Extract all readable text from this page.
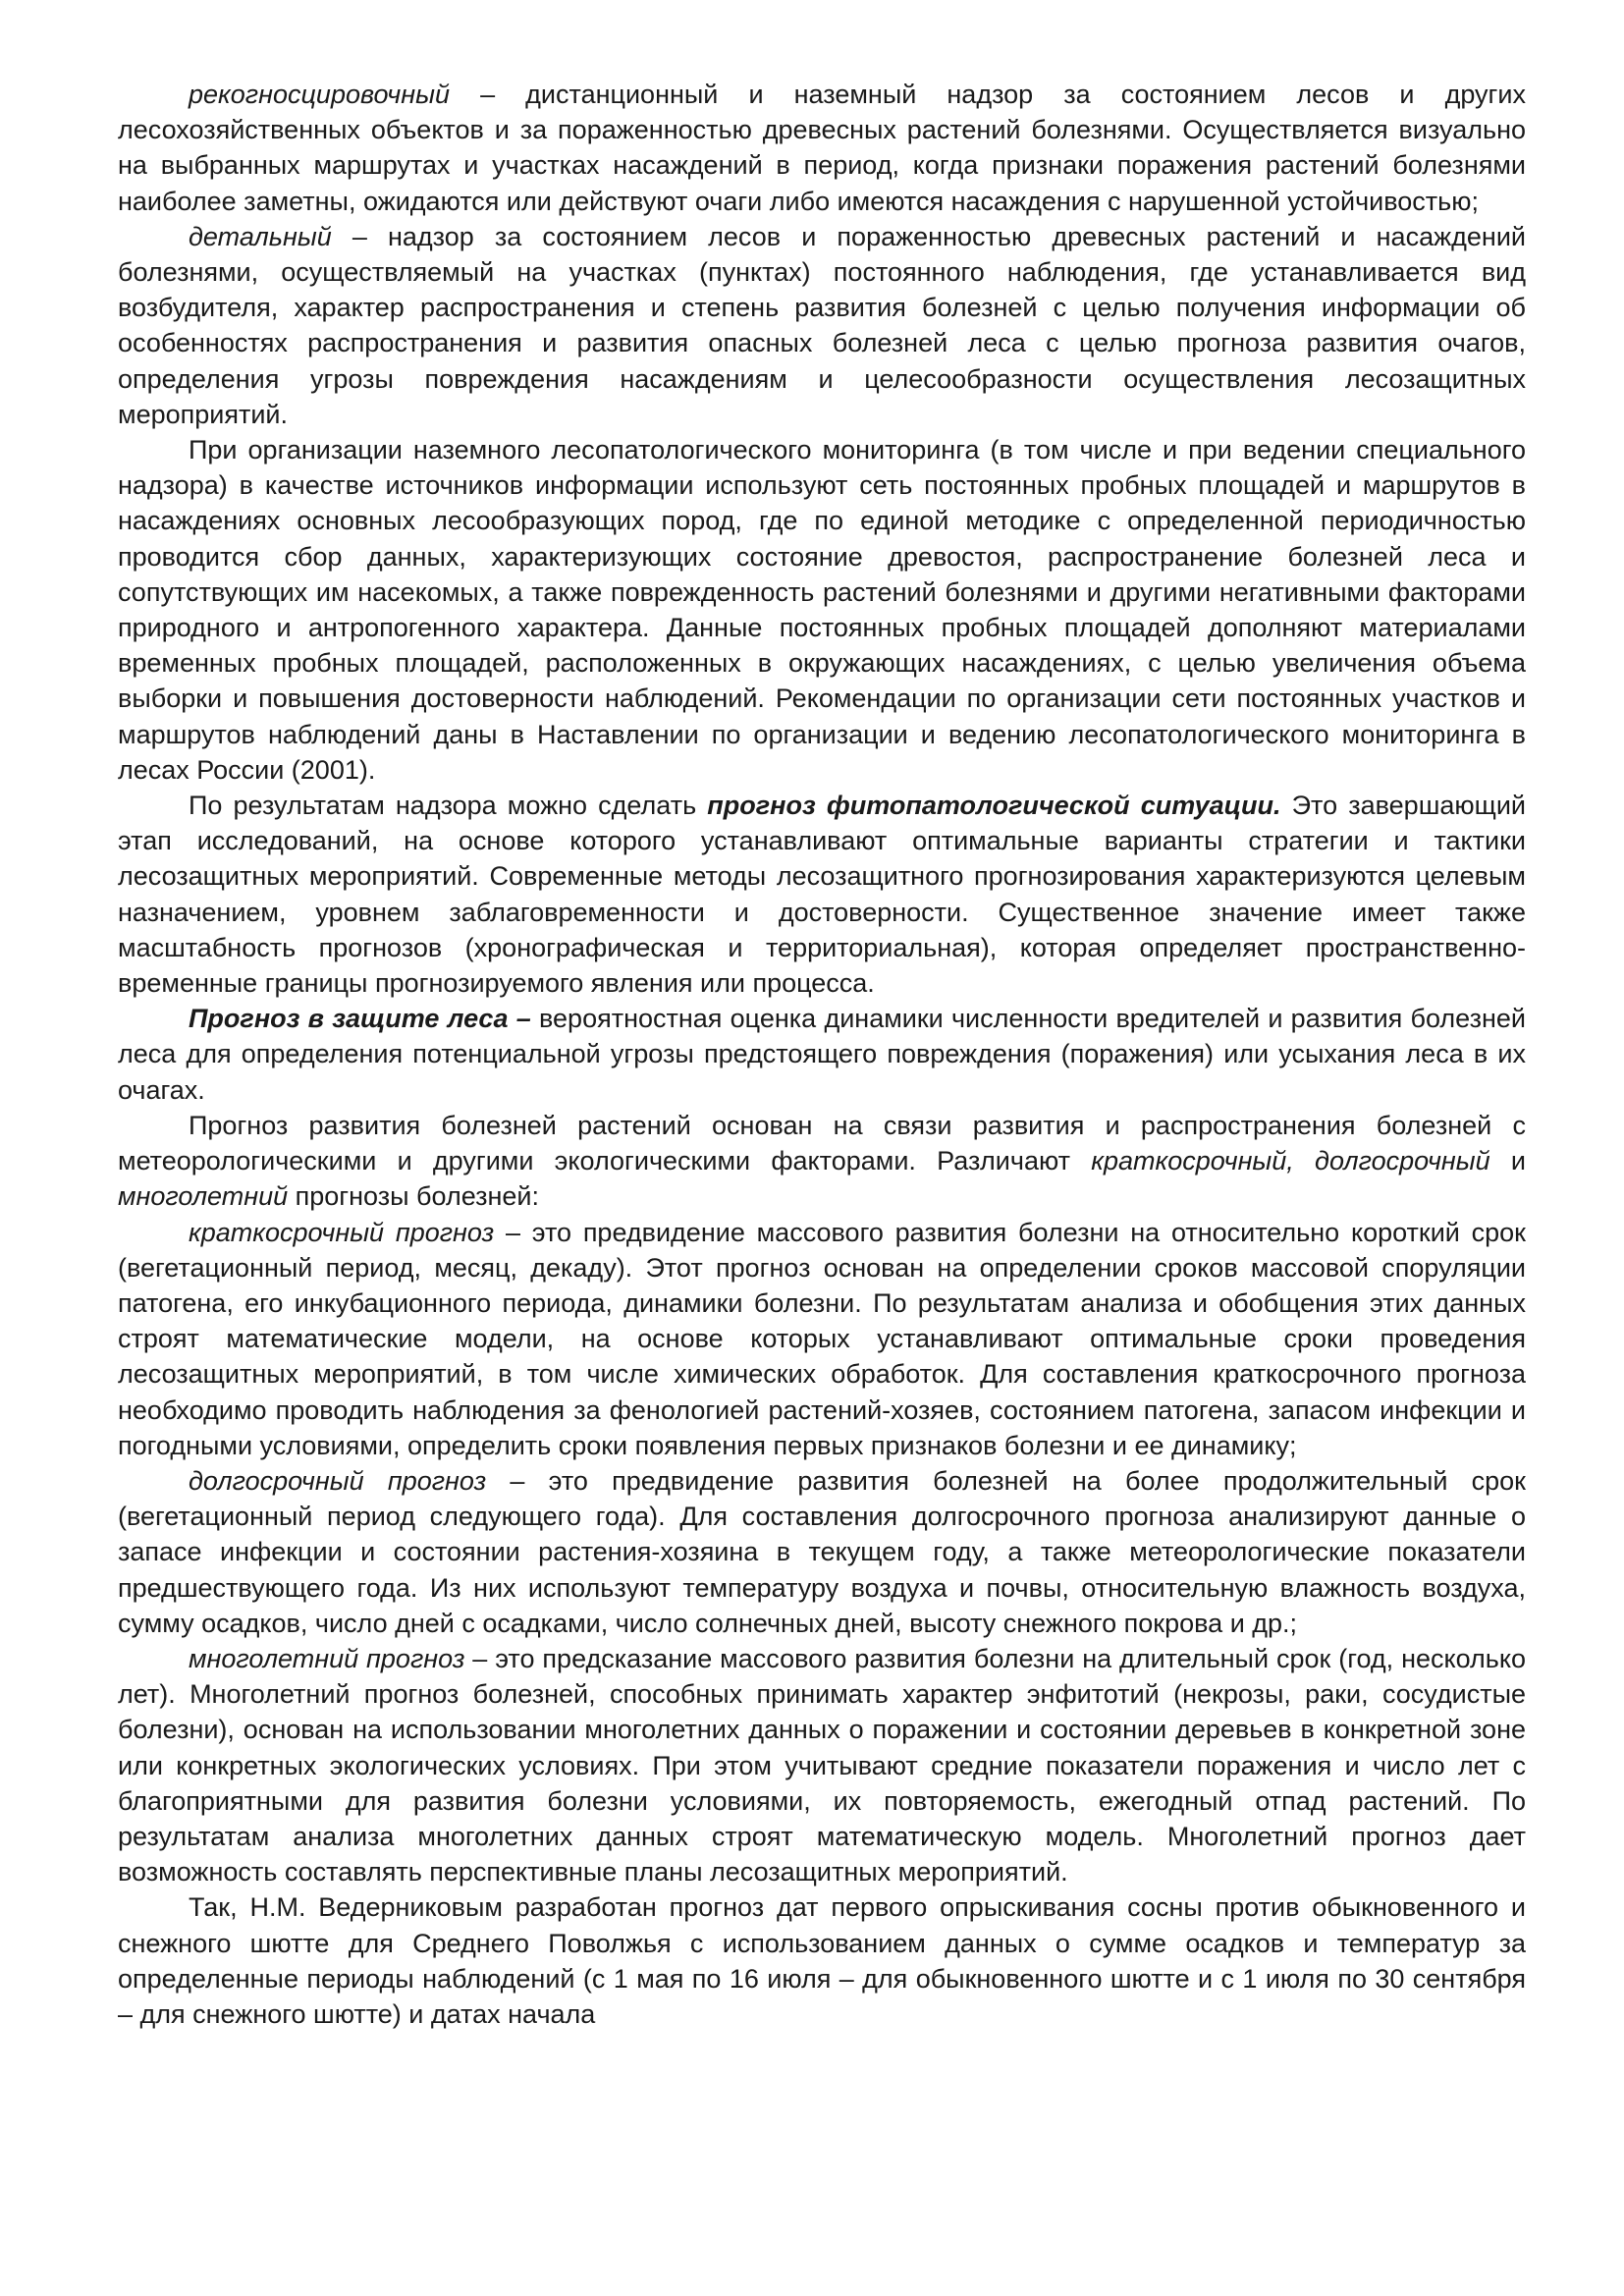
рекогносцировочный – дистанционный и наземный надзор за состоянием лесов и других лесохозяйственных объектов и за пораженностью древесных растений болезнями. Осуществляется визуально на выбранных маршрутах и участках насаждений в период, когда признаки поражения растений болезнями наиболее заметны, ожидаются или действуют очаги либо имеются насаждения с нарушенной устойчивостью;

детальный – надзор за состоянием лесов и пораженностью древесных растений и насаждений болезнями, осуществляемый на участках (пунктах) постоянного наблюдения, где устанавливается вид возбудителя, характер распространения и степень развития болезней с целью получения информации об особенностях распространения и развития опасных болезней леса с целью прогноза развития очагов, определения угрозы повреждения насаждениям и целесообразности осуществления лесозащитных мероприятий.

При организации наземного лесопатологического мониторинга (в том числе и при ведении специального надзора) в качестве источников информации используют сеть постоянных пробных площадей и маршрутов в насаждениях основных лесообразующих пород, где по единой методике с определенной периодичностью проводится сбор данных, характеризующих состояние древостоя, распространение болезней леса и сопутствующих им насекомых, а также поврежденность растений болезнями и другими негативными факторами природного и антропогенного характера. Данные постоянных пробных площадей дополняют материалами временных пробных площадей, расположенных в окружающих насаждениях, с целью увеличения объема выборки и повышения достоверности наблюдений. Рекомендации по организации сети постоянных участков и маршрутов наблюдений даны в Наставлении по организации и ведению лесопатологического мониторинга в лесах России (2001).

По результатам надзора можно сделать прогноз фитопатологической ситуации. Это завершающий этап исследований, на основе которого устанавливают оптимальные варианты стратегии и тактики лесозащитных мероприятий. Современные методы лесозащитного прогнозирования характеризуются целевым назначением, уровнем заблаговременности и достоверности. Существенное значение имеет также масштабность прогнозов (хронографическая и территориальная), которая определяет пространственно-временные границы прогнозируемого явления или процесса.

Прогноз в защите леса – вероятностная оценка динамики численности вредителей и развития болезней леса для определения потенциальной угрозы предстоящего повреждения (поражения) или усыхания леса в их очагах.

Прогноз развития болезней растений основан на связи развития и распространения болезней с метеорологическими и другими экологическими факторами. Различают краткосрочный, долгосрочный и многолетний прогнозы болезней:

краткосрочный прогноз – это предвидение массового развития болезни на относительно короткий срок (вегетационный период, месяц, декаду). Этот прогноз основан на определении сроков массовой споруляции патогена, его инкубационного периода, динамики болезни. По результатам анализа и обобщения этих данных строят математические модели, на основе которых устанавливают оптимальные сроки проведения лесозащитных мероприятий, в том числе химических обработок. Для составления краткосрочного прогноза необходимо проводить наблюдения за фенологией растений-хозяев, состоянием патогена, запасом инфекции и погодными условиями, определить сроки появления первых признаков болезни и ее динамику;

долгосрочный прогноз – это предвидение развития болезней на более продолжительный срок (вегетационный период следующего года). Для составления долгосрочного прогноза анализируют данные о запасе инфекции и состоянии растения-хозяина в текущем году, а также метеорологические показатели предшествующего года. Из них используют температуру воздуха и почвы, относительную влажность воздуха, сумму осадков, число дней с осадками, число солнечных дней, высоту снежного покрова и др.;

многолетний прогноз – это предсказание массового развития болезни на длительный срок (год, несколько лет). Многолетний прогноз болезней, способных принимать характер энфитотий (некрозы, раки, сосудистые болезни), основан на использовании многолетних данных о поражении и состоянии деревьев в конкретной зоне или конкретных экологических условиях. При этом учитывают средние показатели поражения и число лет с благоприятными для развития болезни условиями, их повторяемость, ежегодный отпад растений. По результатам анализа многолетних данных строят математическую модель. Многолетний прогноз дает возможность составлять перспективные планы лесозащитных мероприятий.

Так, Н.М. Ведерниковым разработан прогноз дат первого опрыскивания сосны против обыкновенного и снежного шютте для Среднего Поволжья с использованием данных о сумме осадков и температур за определенные периоды наблюдений (с 1 мая по 16 июля – для обыкновенного шютте и с 1 июля по 30 сентября – для снежного шютте) и датах начала
